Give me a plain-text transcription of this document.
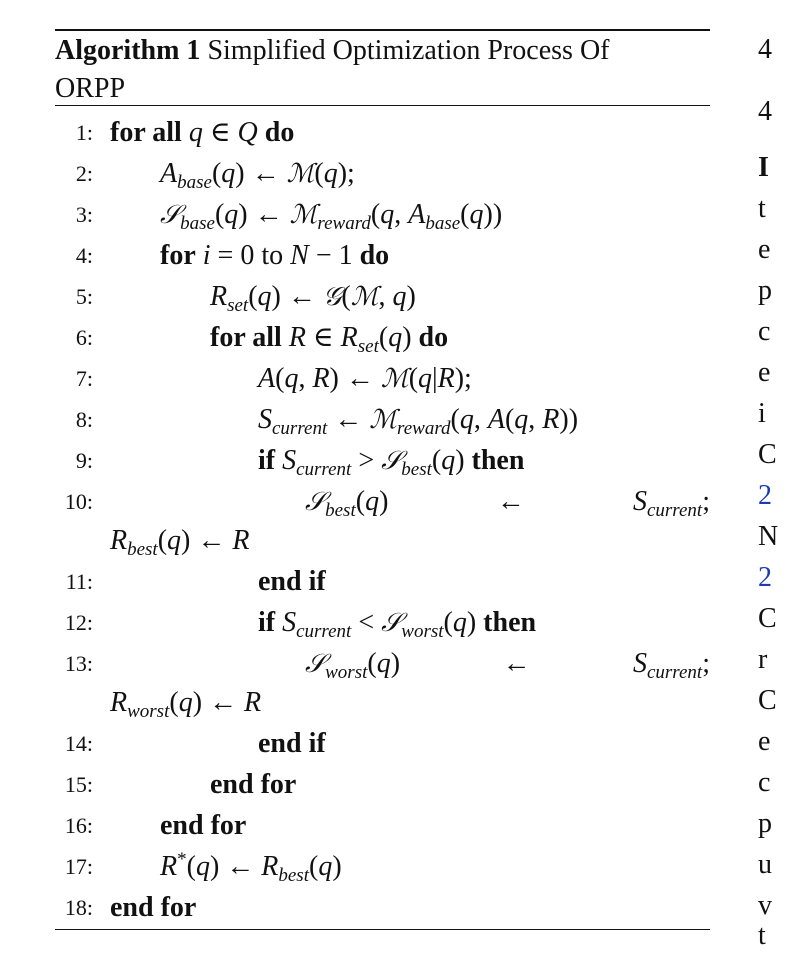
Algorithm 1 Simplified Optimization Process Of
ORPP
1: for all q ∈ Q do
2: $A_{base}(q)$ ← ℳ(q);
3:	𝒮$_{base}$(q) ← ℳ$_{reward}$(q, $A_{base}(q)$)
4: for i = 0 to N − 1 do
5:	$R_{set}(q)$ ← 𝒢(ℳ, q)
6:	for all R ∈ $R_{set}(q)$ do
7:	A(q, R) ← ℳ(q|R);
8:	$S_{current}$ ← ℳ$_{reward}$(q, A(q, R))
9:	if $S_{current}$ > 𝒮$_{best}$(q) then
10:	𝒮$_{best}$(q)	←	$S_{current}$;
$R_{best}(q)$ ← R
11:	end if
12:	if $S_{current}$ < 𝒮$_{worst}$(q) then
13:	𝒮$_{worst}$(q)	←	$S_{current}$;
$R_{worst}(q)$ ← R
14:	end if
15:	end for
16: end for
17: R*(q) ← $R_{best}(q)$
18: end for
4
4
I
t
e
p
c
e
i
C
2
N
2
C
r
C
e
c
p
u
v
t
